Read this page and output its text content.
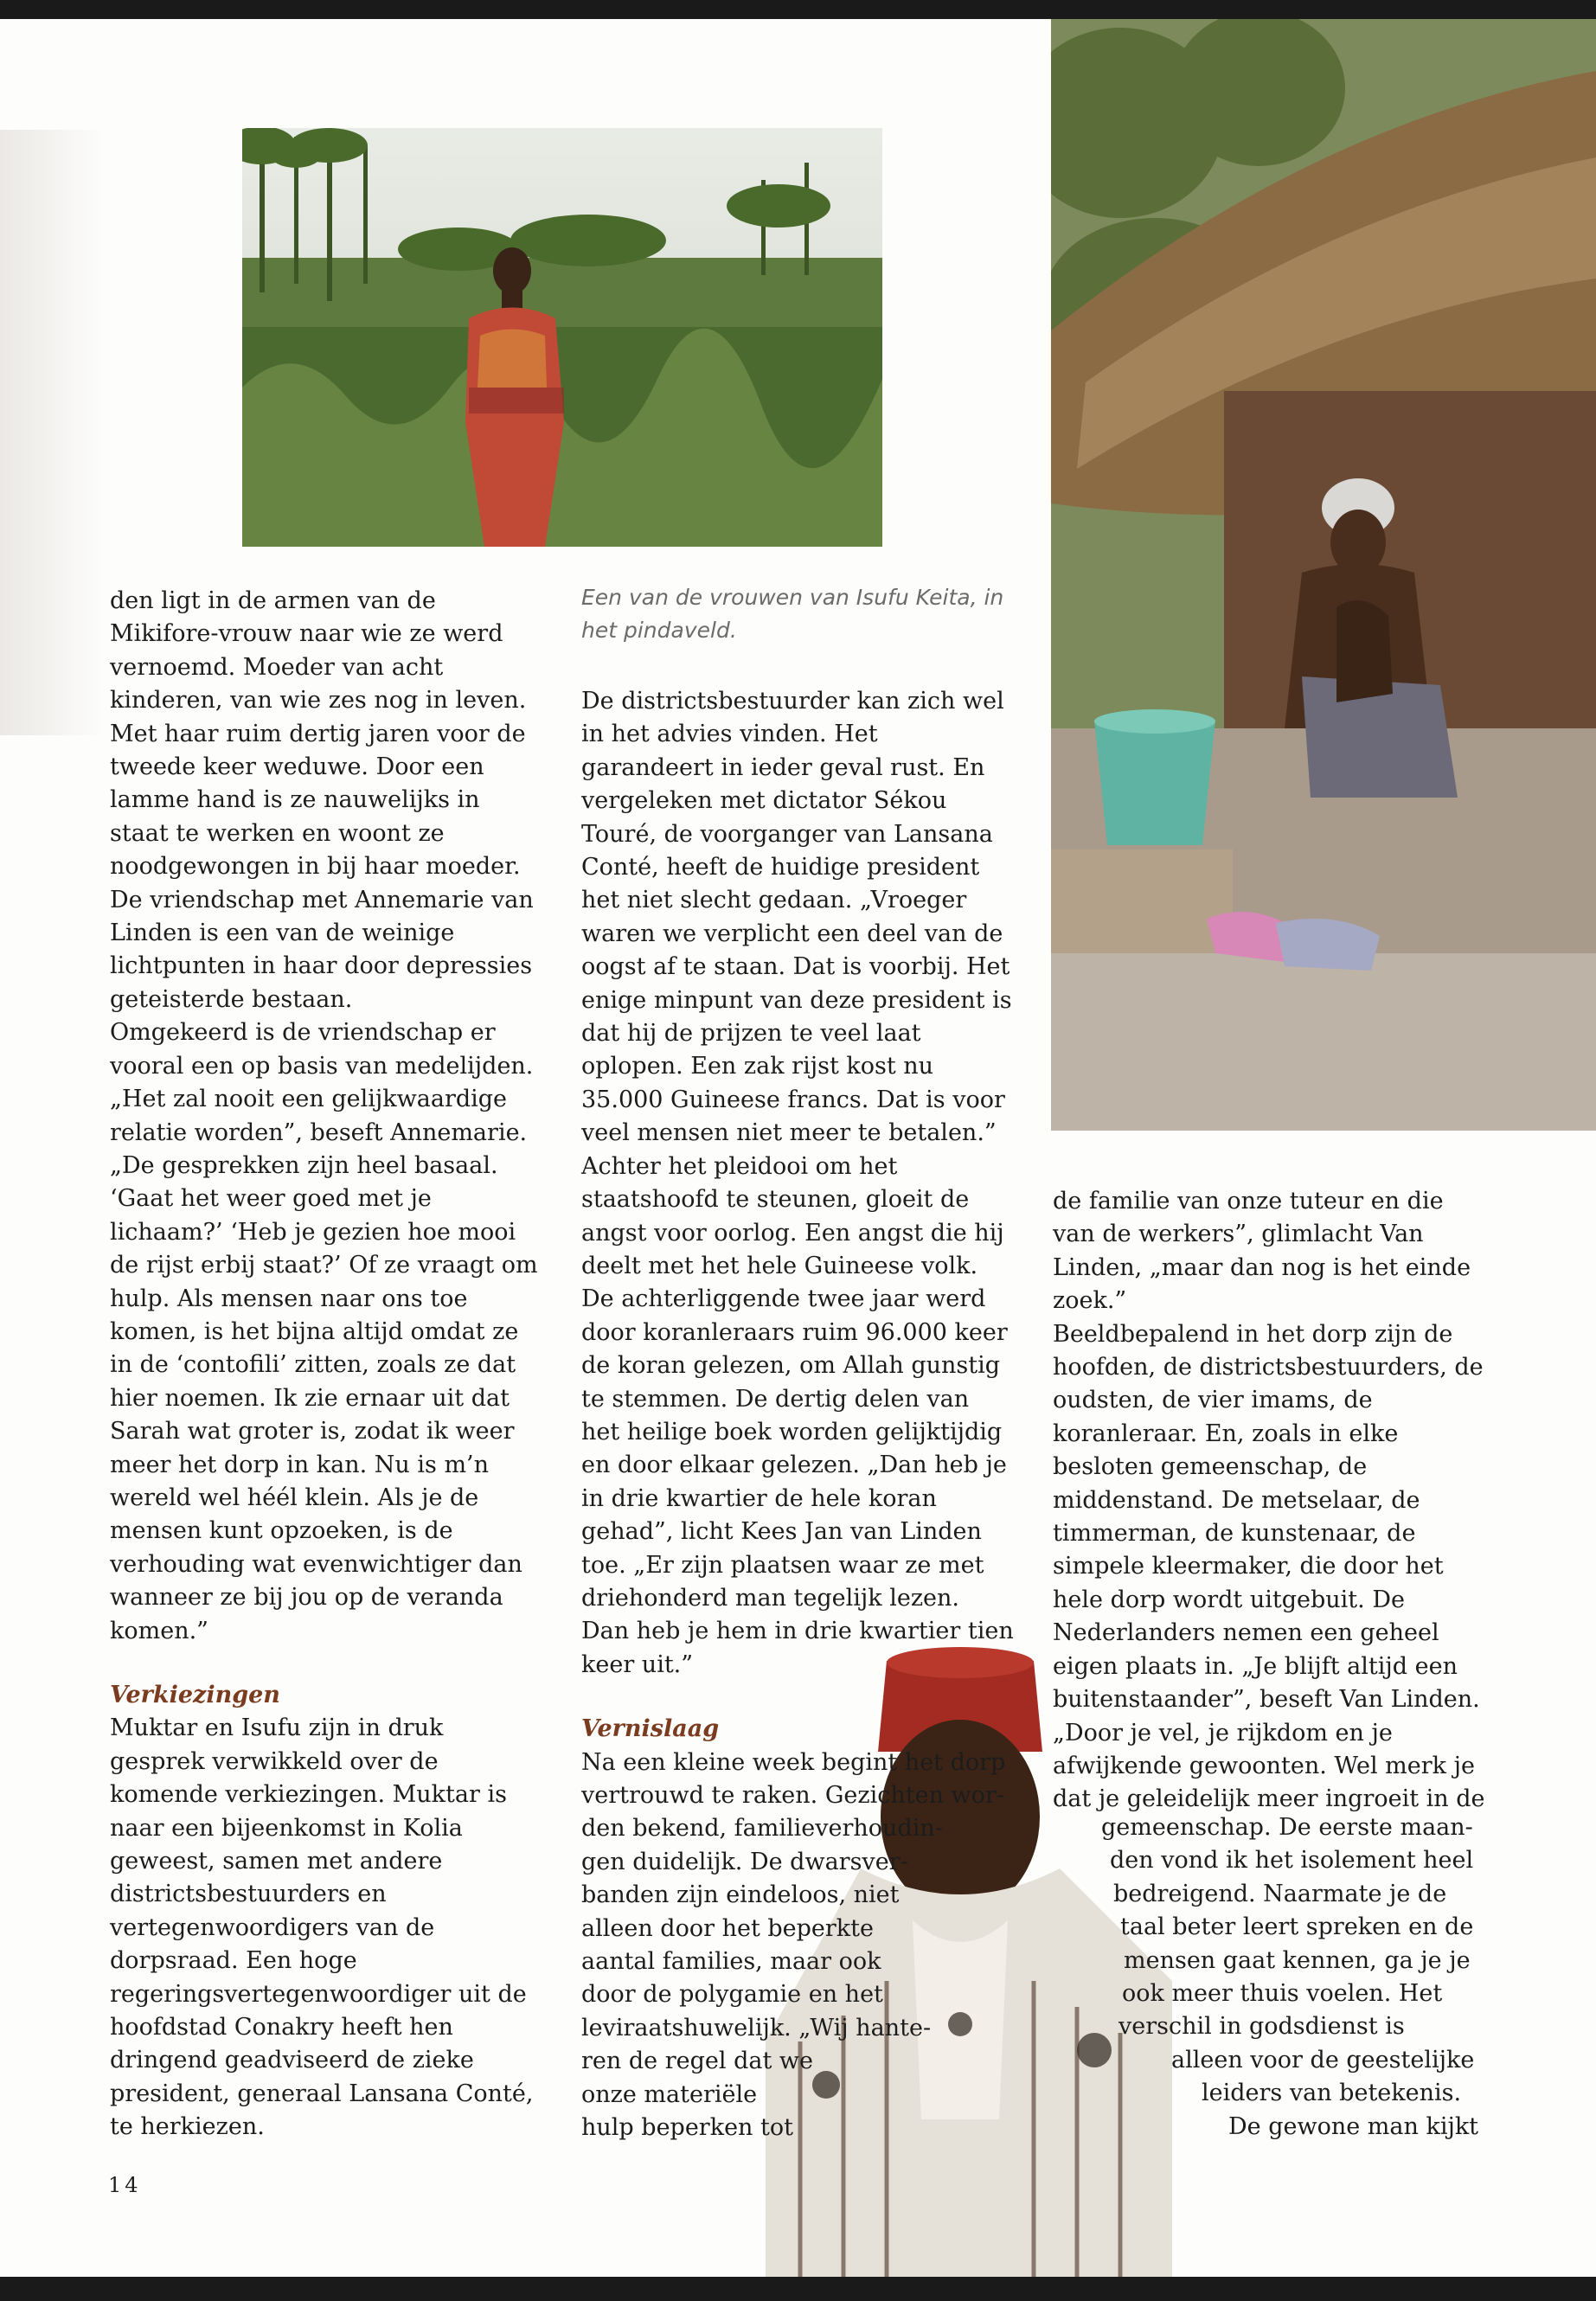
den ligt in de armen van de Mikifore-vrouw naar wie ze werd vernoemd. Moeder van acht kinderen, van wie zes nog in leven. Met haar ruim dertig jaren voor de tweede keer weduwe. Door een lamme hand is ze nauwelijks in staat te werken en woont ze noodgewongen in bij haar moeder. De vriendschap met Annemarie van Linden is een van de weinige lichtpunten in haar door depressies geteisterde bestaan.

Omgekeerd is de vriendschap er vooral een op basis van medelijden. „Het zal nooit een gelijkwaardige relatie worden”, beseft Annemarie. „De gesprekken zijn heel basaal. ‘Gaat het weer goed met je lichaam?’ ‘Heb je gezien hoe mooi de rijst erbij staat?’ Of ze vraagt om hulp. Als mensen naar ons toe komen, is het bijna altijd omdat ze in de ‘contofili’ zitten, zoals ze dat hier noemen. Ik zie ernaar uit dat Sarah wat groter is, zodat ik weer meer het dorp in kan. Nu is m’n wereld wel héél klein. Als je de mensen kunt opzoeken, is de verhouding wat evenwichtiger dan wanneer ze bij jou op de veranda komen.”

Verkiezingen

Muktar en Isufu zijn in druk gesprek verwikkeld over de komende verkiezingen. Muktar is naar een bijeenkomst in Kolia geweest, samen met andere districtsbestuurders en vertegenwoordigers van de dorpsraad. Een hoge regeringsvertegenwoordiger uit de hoofdstad Conakry heeft hen dringend geadviseerd de zieke president, generaal Lansana Conté, te herkiezen.

Een van de vrouwen van Isufu Keita, in het pindaveld.

De districtsbestuurder kan zich wel in het advies vinden. Het garandeert in ieder geval rust. En vergeleken met dictator Sékou Touré, de voorganger van Lansana Conté, heeft de huidige president het niet slecht gedaan. „Vroeger waren we verplicht een deel van de oogst af te staan. Dat is voorbij. Het enige minpunt van deze president is dat hij de prijzen te veel laat oplopen. Een zak rijst kost nu 35.000 Guineese francs. Dat is voor veel mensen niet meer te betalen.”

Achter het pleidooi om het staatshoofd te steunen, gloeit de angst voor oorlog. Een angst die hij deelt met het hele Guineese volk. De achterliggende twee jaar werd door koranleraars ruim 96.000 keer de koran gelezen, om Allah gunstig te stemmen. De dertig delen van het heilige boek worden gelijktijdig en door elkaar gelezen. „Dan heb je in drie kwartier de hele koran gehad”, licht Kees Jan van Linden toe. „Er zijn plaatsen waar ze met driehonderd man tegelijk lezen. Dan heb je hem in drie kwartier tien keer uit.”

Vernislaag

Na een kleine week begint het dorp
vertrouwd te raken. Gezichten wor-
den bekend, familieverhoudin-
gen duidelijk. De dwarsver-
banden zijn eindeloos, niet
alleen door het beperkte
aantal families, maar ook
door de polygamie en het
leviraatshuwelijk. „Wij hante-
ren de regel dat we
onze materiële
hulp beperken tot

de familie van onze tuteur en die van de werkers”, glimlacht Van Linden, „maar dan nog is het einde zoek.”

Beeldbepalend in het dorp zijn de hoofden, de districtsbestuurders, de oudsten, de vier imams, de koranleraar. En, zoals in elke besloten gemeenschap, de middenstand. De metselaar, de timmerman, de kunstenaar, de simpele kleermaker, die door het hele dorp wordt uitgebuit. De Nederlanders nemen een geheel eigen plaats in. „Je blijft altijd een buitenstaander”, beseft Van Linden. „Door je vel, je rijkdom en je afwijkende gewoonten. Wel merk je dat je geleidelijk meer ingroeit in de

gemeenschap. De eerste maan-
den vond ik het isolement heel
bedreigend. Naarmate je de
taal beter leert spreken en de
mensen gaat kennen, ga je je
ook meer thuis voelen. Het
verschil in godsdienst is
alleen voor de geestelijke
leiders van betekenis.
De gewone man kijkt
14
